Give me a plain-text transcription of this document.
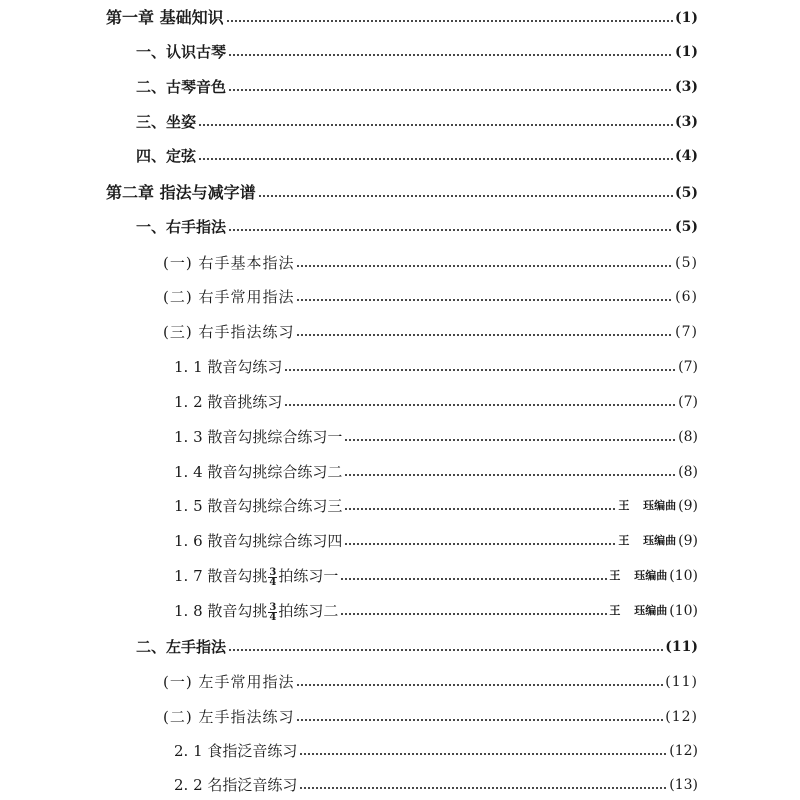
第一章 基础知识	(1)
一、认识古琴	(1)
二、古琴音色	(3)
三、坐姿	(3)
四、定弦	(4)
第二章 指法与减字谱	(5)
一、右手指法	(5)
(一) 右手基本指法	(5)
(二) 右手常用指法	(6)
(三) 右手指法练习	(7)
1. 1 散音勾练习	(7)
1. 2 散音挑练习	(7)
1. 3 散音勾挑综合练习一	(8)
1. 4 散音勾挑综合练习二	(8)
1. 5 散音勾挑综合练习三	王 珏编曲 (9)
1. 6 散音勾挑综合练习四	王 珏编曲 (9)
1. 7 散音勾挑 $\frac{3}{4}$ 拍练习一	王 珏编曲 (10)
1. 8 散音勾挑 $\frac{3}{4}$ 拍练习二	王 珏编曲 (10)
二、左手指法	(11)
(一) 左手常用指法	(11)
(二) 左手指法练习	(12)
2. 1 食指泛音练习	(12)
2. 2 名指泛音练习	(13)
